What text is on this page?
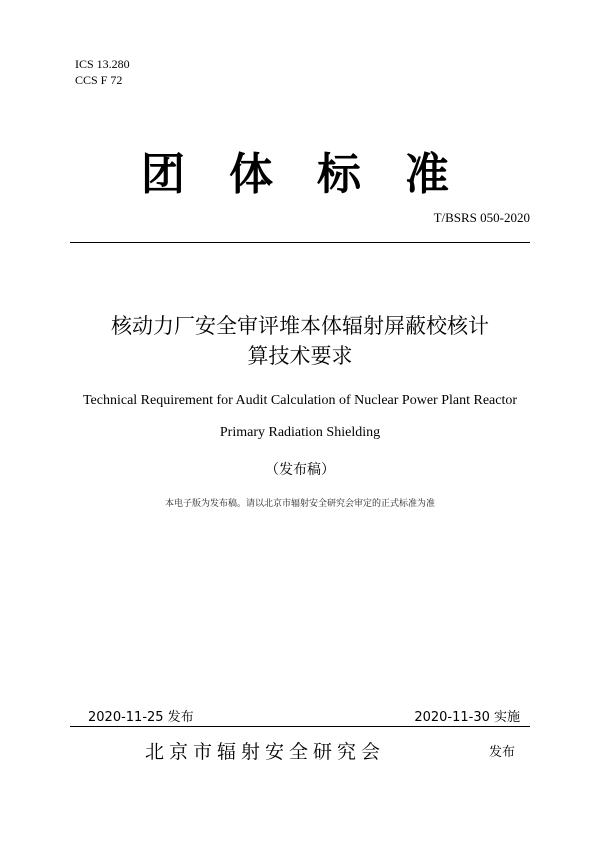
ICS 13.280
CCS F 72
团体标准
T/BSRS 050-2020
核动力厂安全审评堆本体辐射屏蔽校核计
算技术要求
Technical Requirement for Audit Calculation of Nuclear Power Plant Reactor
Primary Radiation Shielding
（发布稿）
本电子版为发布稿。请以北京市辐射安全研究会审定的正式标准为准
2020-11-25 发布	2020-11-30 实施
北京市辐射安全研究会	发布
